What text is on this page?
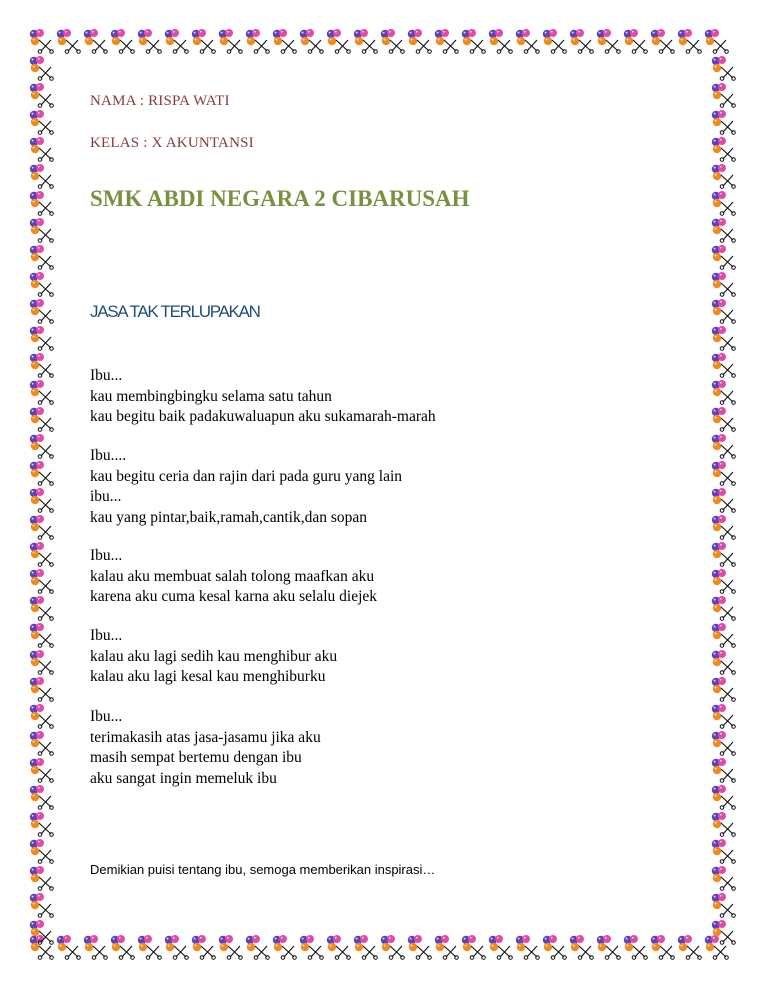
NAMA : RISPA WATI
KELAS : X AKUNTANSI
SMK ABDI NEGARA 2 CIBARUSAH
JASA TAK TERLUPAKAN
Ibu...
kau membingbingku selama satu tahun
kau begitu baik padakuwaluapun aku sukamarah-marah
Ibu....
kau begitu ceria dan rajin dari pada guru yang lain
ibu...
kau yang pintar,baik,ramah,cantik,dan sopan
Ibu...
kalau aku membuat salah tolong maafkan aku
karena aku cuma kesal karna aku selalu diejek
Ibu...
kalau aku lagi sedih kau menghibur aku
kalau aku lagi kesal kau menghiburku
Ibu...
terimakasih atas jasa-jasamu jika aku
masih sempat bertemu dengan ibu
aku sangat ingin memeluk ibu
Demikian puisi tentang ibu, semoga memberikan inspirasi…
